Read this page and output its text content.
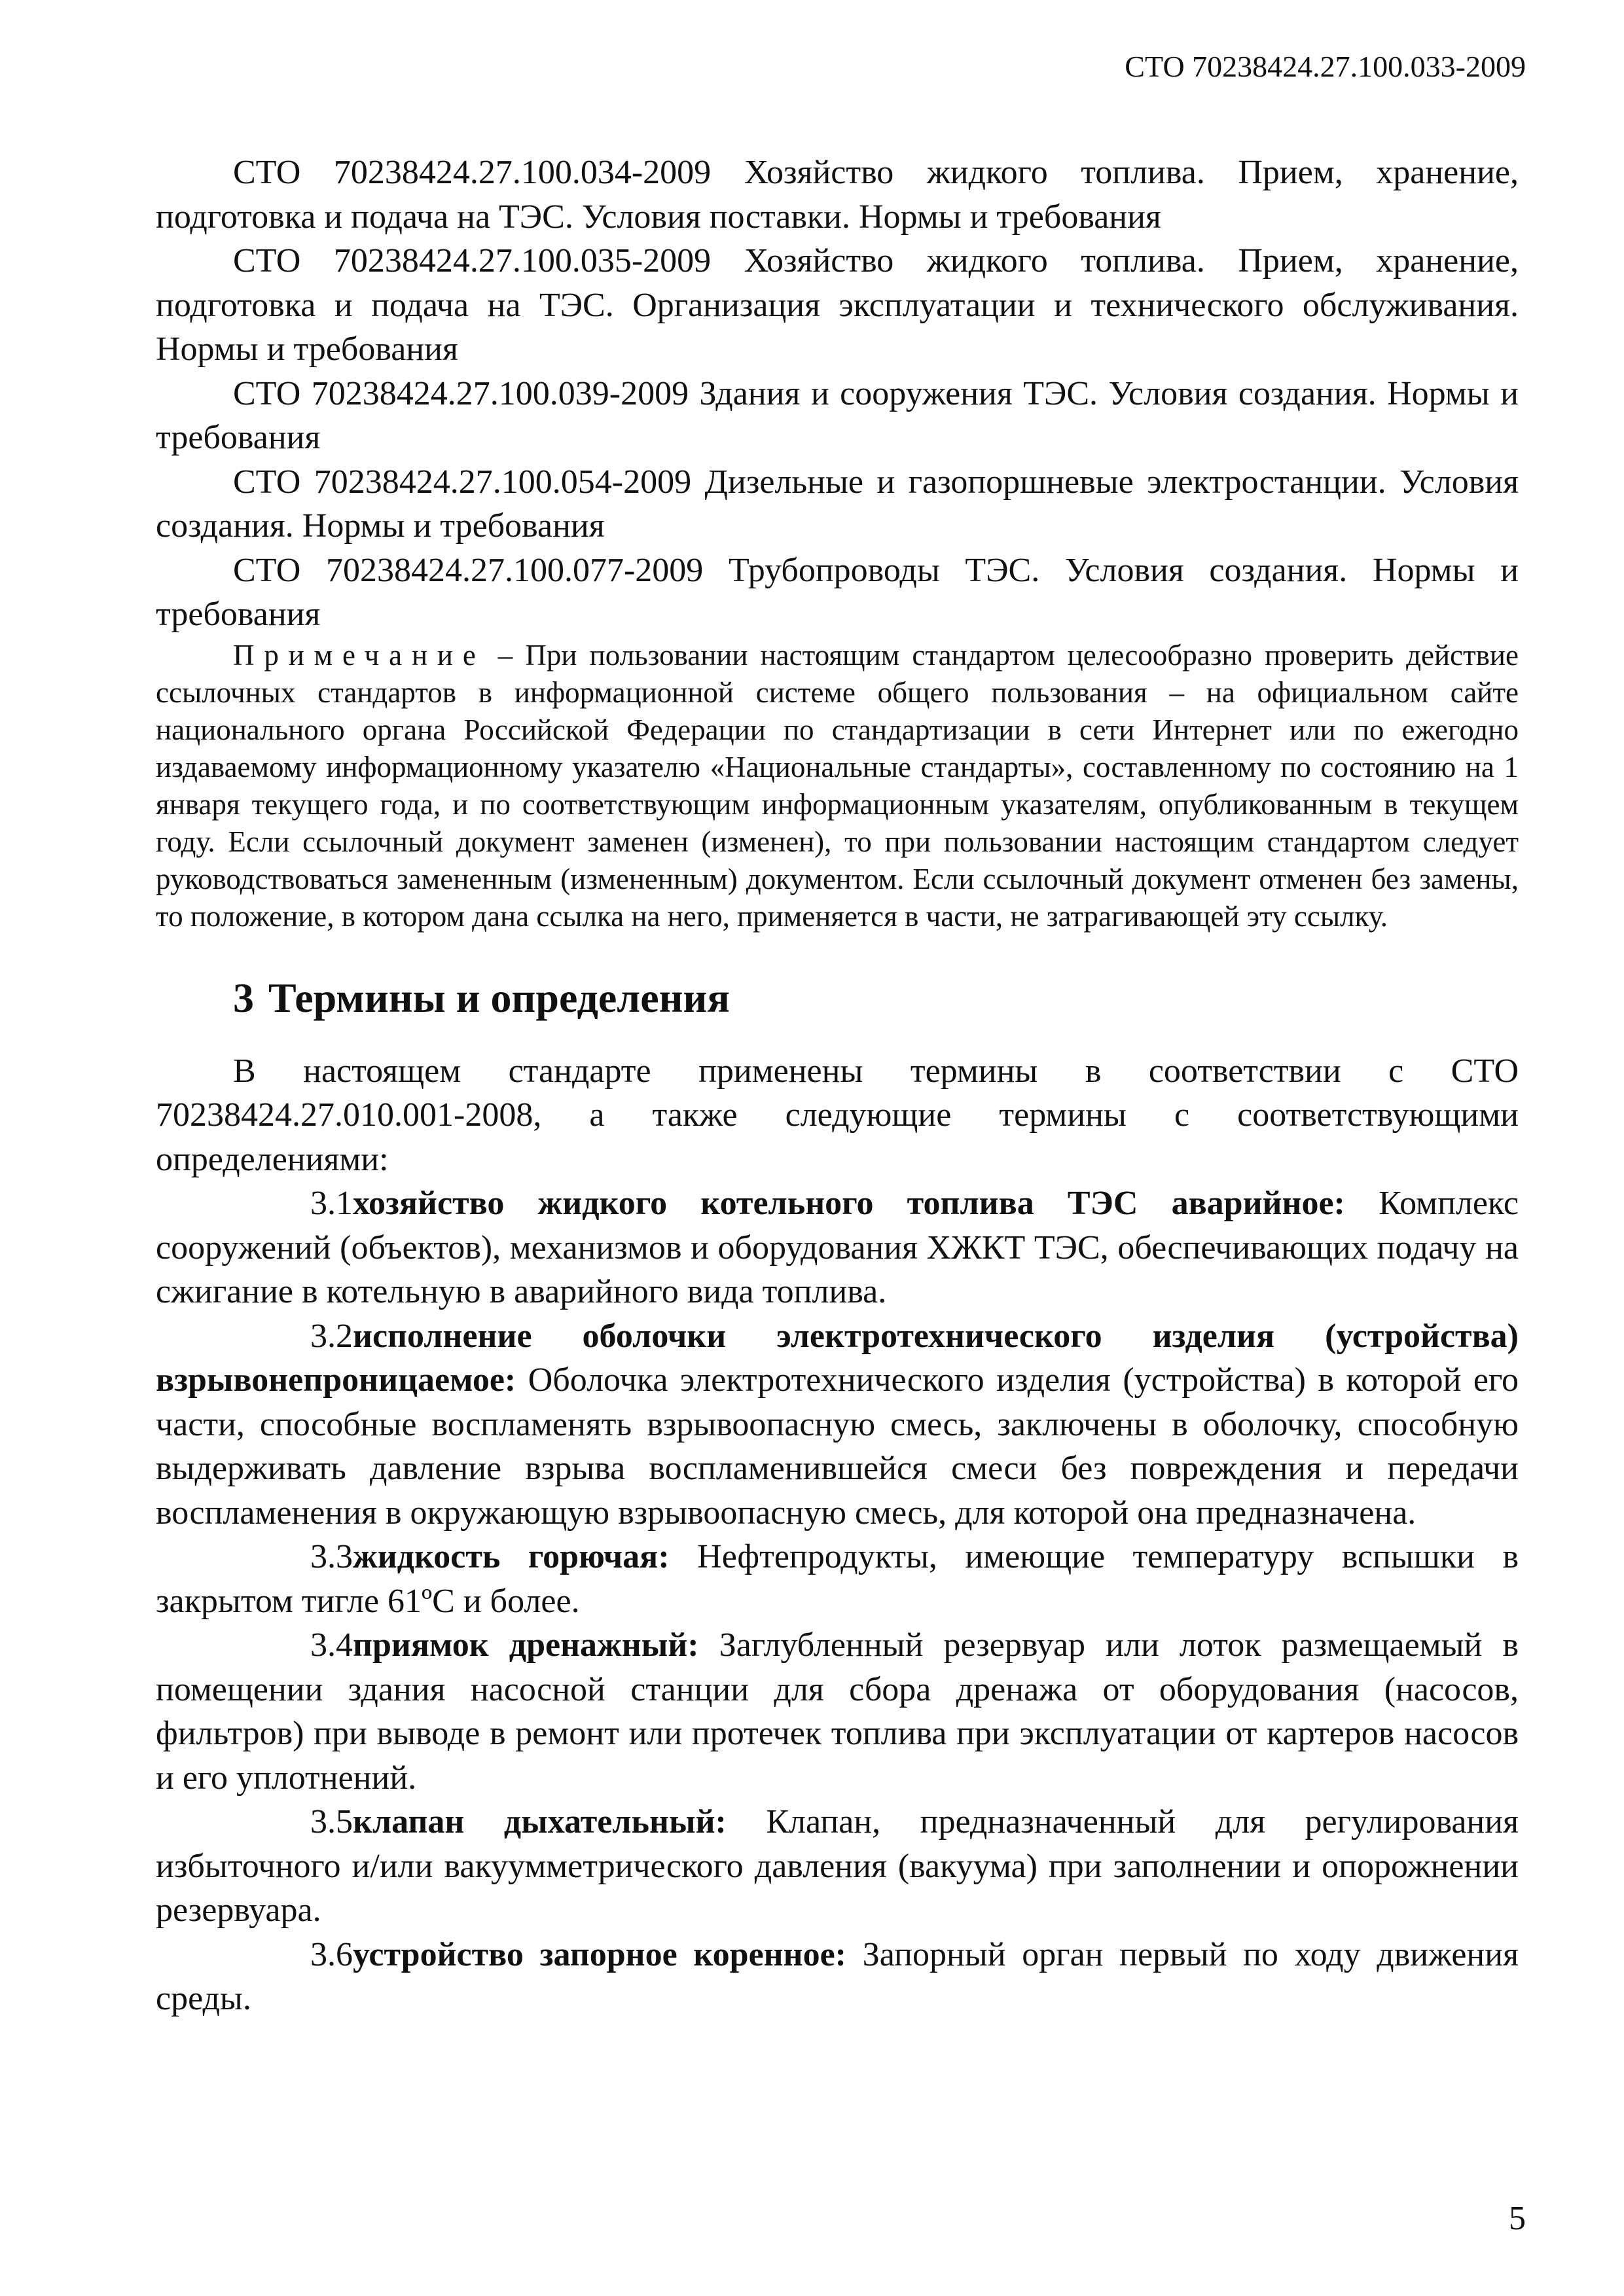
СТО 70238424.27.100.033-2009

СТО 70238424.27.100.034-2009 Хозяйство жидкого топлива. Прием, хранение, подготовка и подача на ТЭС. Условия поставки. Нормы и требования

СТО 70238424.27.100.035-2009 Хозяйство жидкого топлива. Прием, хранение, подготовка и подача на ТЭС. Организация эксплуатации и технического обслуживания. Нормы и требования

СТО 70238424.27.100.039-2009 Здания и сооружения ТЭС. Условия создания. Нормы и требования

СТО 70238424.27.100.054-2009 Дизельные и газопоршневые электростанции. Условия создания. Нормы и требования

СТО 70238424.27.100.077-2009 Трубопроводы ТЭС. Условия создания. Нормы и требования

Примечание – При пользовании настоящим стандартом целесообразно проверить действие ссылочных стандартов в информационной системе общего пользования – на официальном сайте национального органа Российской Федерации по стандартизации в сети Интернет или по ежегодно издаваемому информационному указателю «Национальные стандарты», составленному по состоянию на 1 января текущего года, и по соответствующим информационным указателям, опубликованным в текущем году. Если ссылочный документ заменен (изменен), то при пользовании настоящим стандартом следует руководствоваться замененным (измененным) документом. Если ссылочный документ отменен без замены, то положение, в котором дана ссылка на него, применяется в части, не затрагивающей эту ссылку.

3 Термины и определения

В настоящем стандарте применены термины в соответствии с СТО 70238424.27.010.001-2008, а также следующие термины с соответствующими определениями:

3.1хозяйство жидкого котельного топлива ТЭС аварийное: Комплекс сооружений (объектов), механизмов и оборудования ХЖКТ ТЭС, обеспечивающих подачу на сжигание в котельную в аварийного вида топлива.

3.2исполнение оболочки электротехнического изделия (устройства) взрывонепроницаемое: Оболочка электротехнического изделия (устройства) в которой его части, способные воспламенять взрывоопасную смесь, заключены в оболочку, способную выдерживать давление взрыва воспламенившейся смеси без повреждения и передачи воспламенения в окружающую взрывоопасную смесь, для которой она предназначена.

3.3жидкость горючая: Нефтепродукты, имеющие температуру вспышки в закрытом тигле 61ºС и более.

3.4приямок дренажный: Заглубленный резервуар или лоток размещаемый в помещении здания насосной станции для сбора дренажа от оборудования (насосов, фильтров) при выводе в ремонт или протечек топлива при эксплуатации от картеров насосов и его уплотнений.

3.5клапан дыхательный: Клапан, предназначенный для регулирования избыточного и/или вакуумметрического давления (вакуума) при заполнении и опорожнении резервуара.

3.6устройство запорное коренное: Запорный орган первый по ходу движения среды.

5
